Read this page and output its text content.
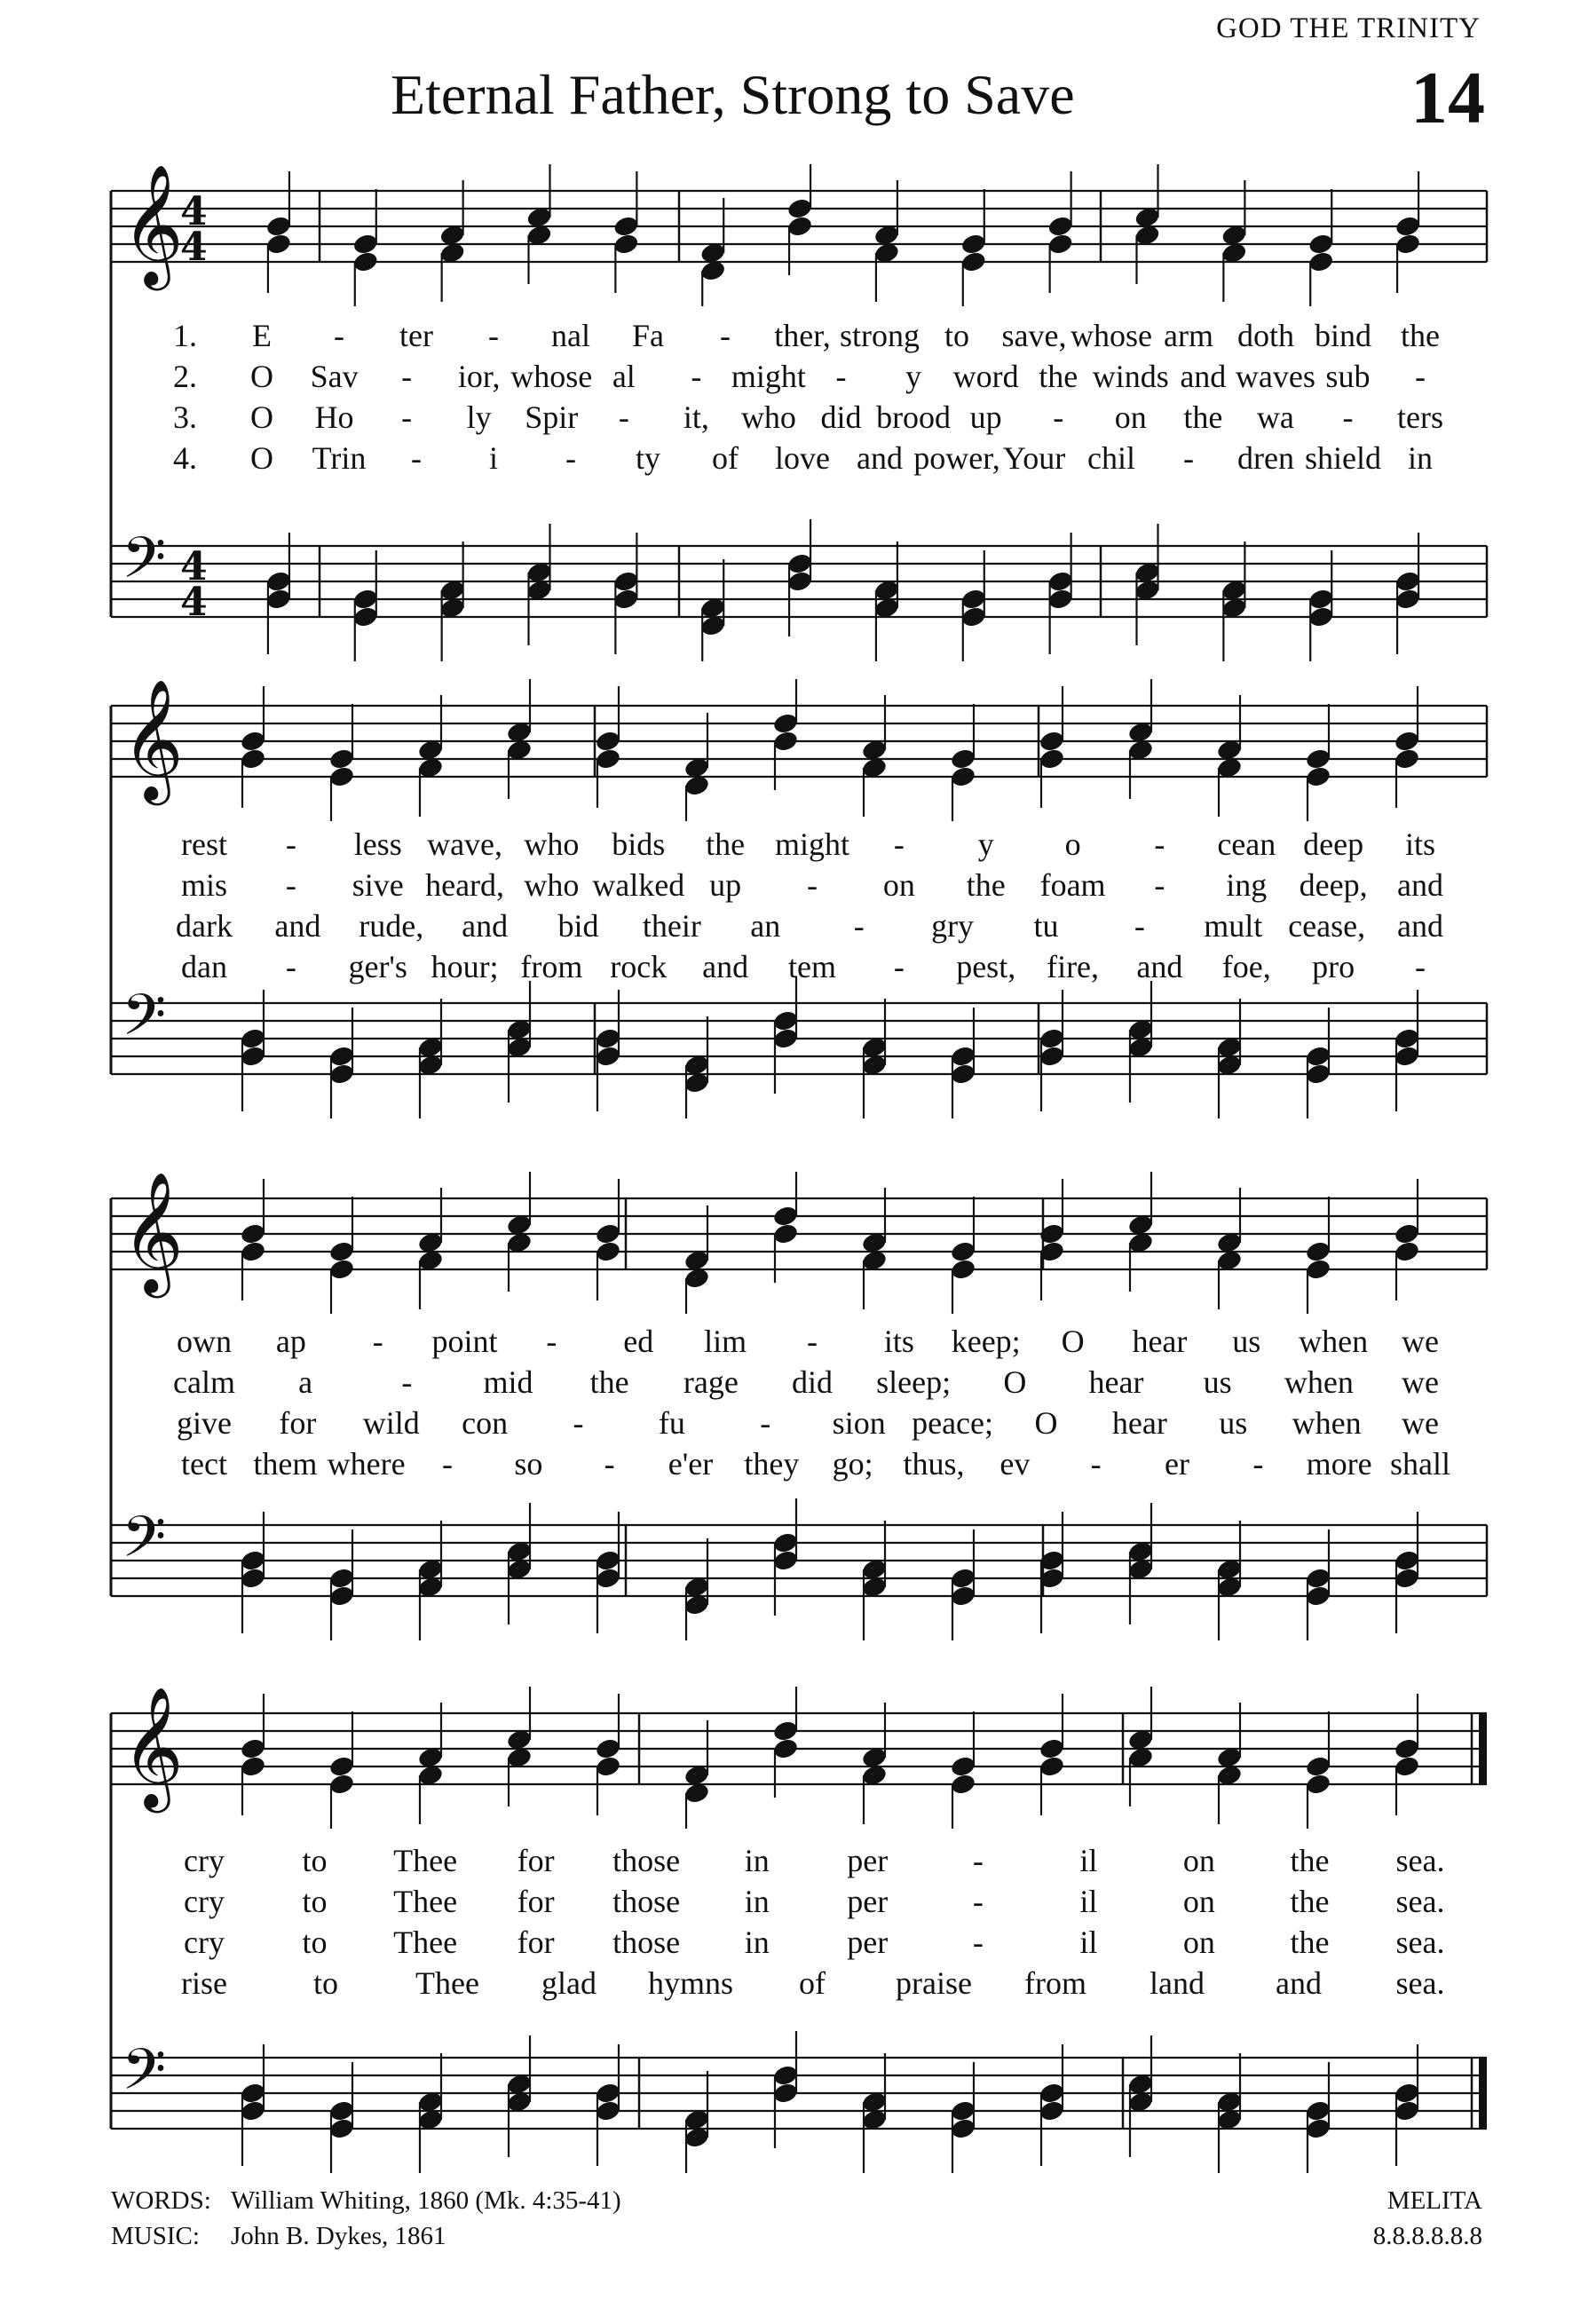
GOD THE TRINITY
Eternal Father, Strong to Save	14
𝄞
4
4
1.	E - ter - nal Fa - ther, strong to save, whose arm doth bind the
2.	O Sav - ior, whose al - might - y word the winds and waves sub -
3.	O Ho - ly Spir - it, who did brood up - on the wa - ters
4.	O Trin - i - ty of love and power, Your chil - dren shield in
𝄢 4
4
𝄞
rest - less wave, who bids the might - y o - cean deep its
mis - sive heard, who walked up - on the foam - ing deep, and
dark and rude, and bid their an - gry tu - mult cease, and
dan - ger's hour; from rock and tem - pest, fire, and foe, pro -
𝄢
𝄞
own ap - point - ed lim - its keep; O hear us when we
calm a	- mid the rage did sleep; O hear us when we
give for wild con - fu - sion peace; O hear us when we
tect them where - so - e'er they go; thus, ev - er - more shall
𝄢
𝄞
cry to Thee for those in per	-	il	on the sea.
cry to Thee for those in per	-	il	on the sea.
cry to Thee for those in per	-	il	on the sea.
rise	to Thee glad hymns of praise from land and sea.
𝄢
WORDS: William Whiting, 1860 (Mk. 4:35-41)
MUSIC: John B. Dykes, 1861
MELITA
8.8.8.8.8.8
